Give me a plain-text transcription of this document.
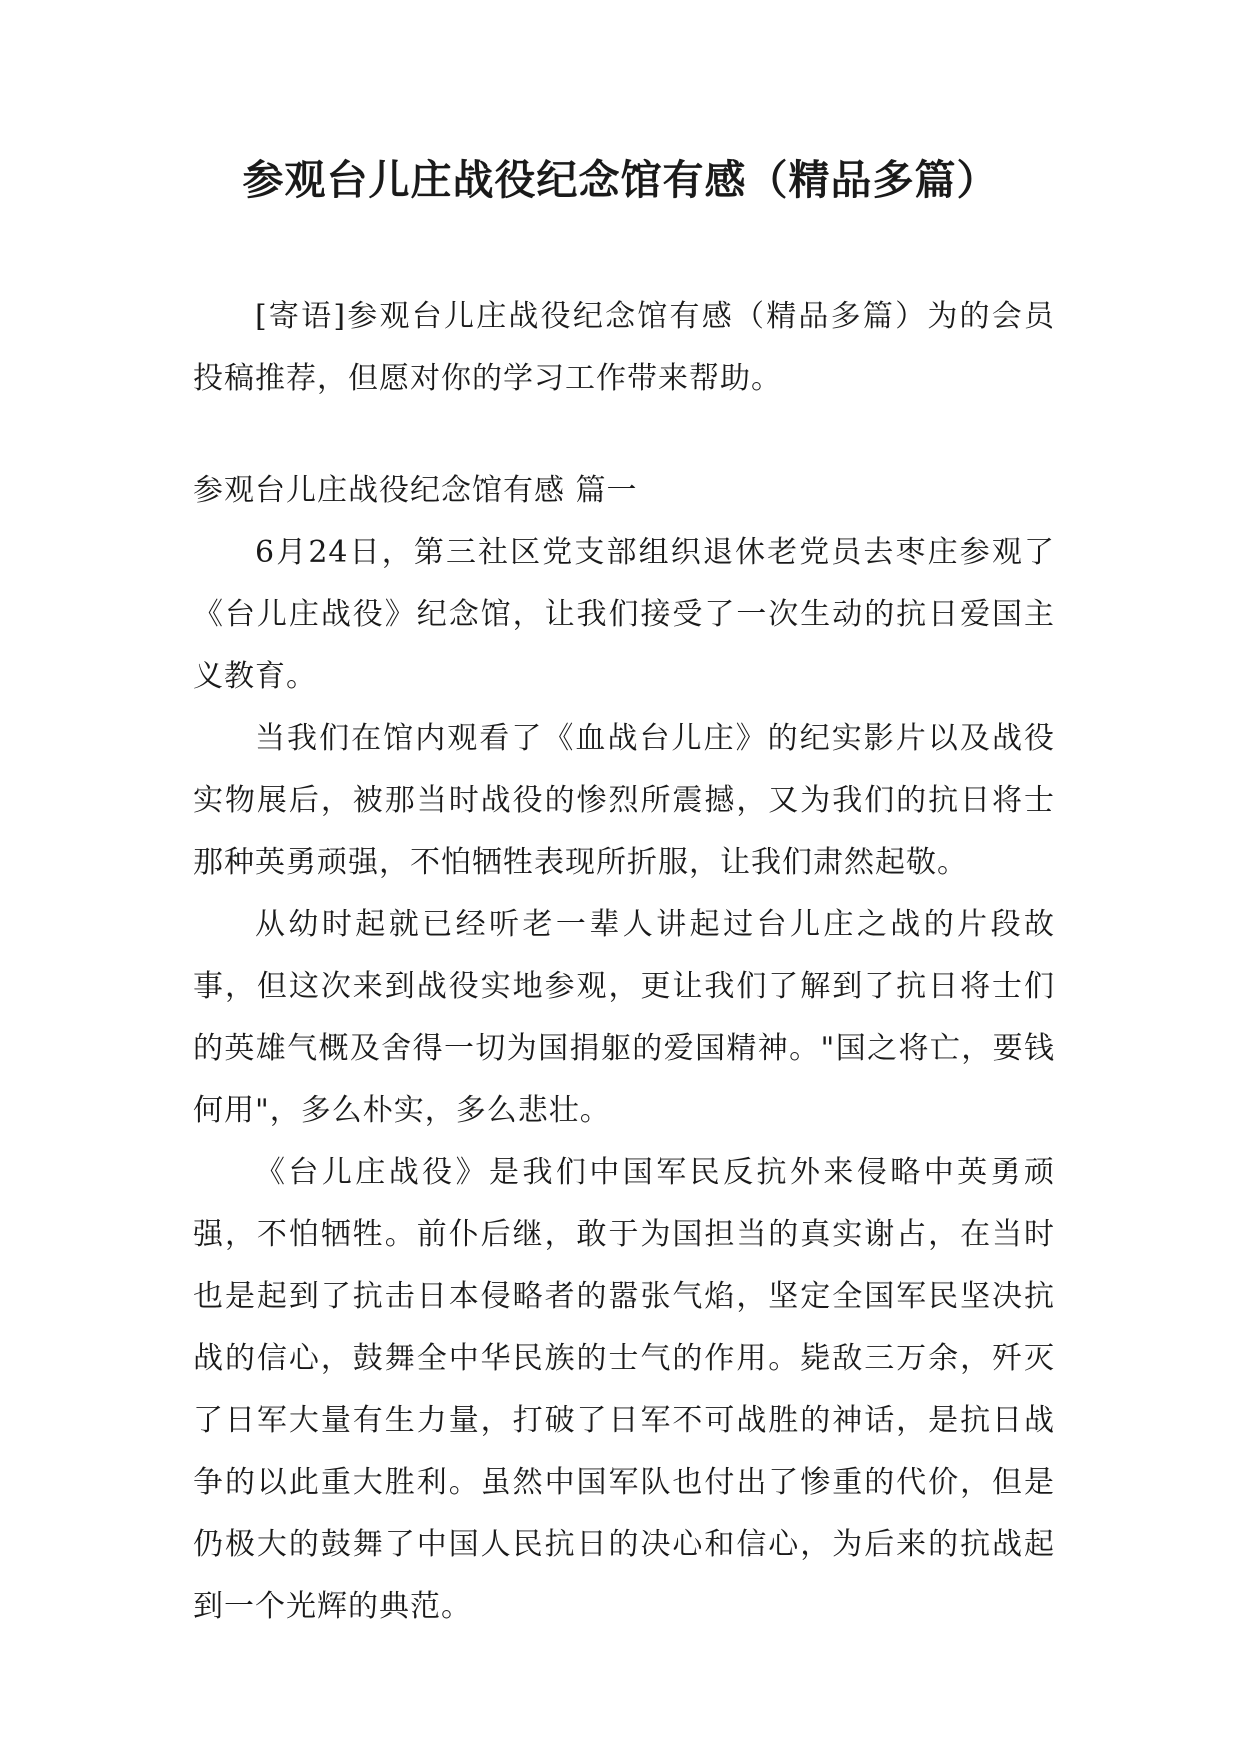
参观台儿庄战役纪念馆有感（精品多篇）

[寄语]参观台儿庄战役纪念馆有感（精品多篇）为的会员投稿推荐，但愿对你的学习工作带来帮助。

参观台儿庄战役纪念馆有感 篇一

6月24日，第三社区党支部组织退休老党员去枣庄参观了《台儿庄战役》纪念馆，让我们接受了一次生动的抗日爱国主义教育。

当我们在馆内观看了《血战台儿庄》的纪实影片以及战役实物展后，被那当时战役的惨烈所震撼，又为我们的抗日将士那种英勇顽强，不怕牺牲表现所折服，让我们肃然起敬。

从幼时起就已经听老一辈人讲起过台儿庄之战的片段故事，但这次来到战役实地参观，更让我们了解到了抗日将士们的英雄气概及舍得一切为国捐躯的爱国精神。"国之将亡，要钱何用"，多么朴实，多么悲壮。

《台儿庄战役》是我们中国军民反抗外来侵略中英勇顽强，不怕牺牲。前仆后继，敢于为国担当的真实谢占，在当时也是起到了抗击日本侵略者的嚣张气焰，坚定全国军民坚决抗战的信心，鼓舞全中华民族的士气的作用。毙敌三万余，歼灭了日军大量有生力量，打破了日军不可战胜的神话，是抗日战争的以此重大胜利。虽然中国军队也付出了惨重的代价，但是仍极大的鼓舞了中国人民抗日的决心和信心，为后来的抗战起到一个光辉的典范。
